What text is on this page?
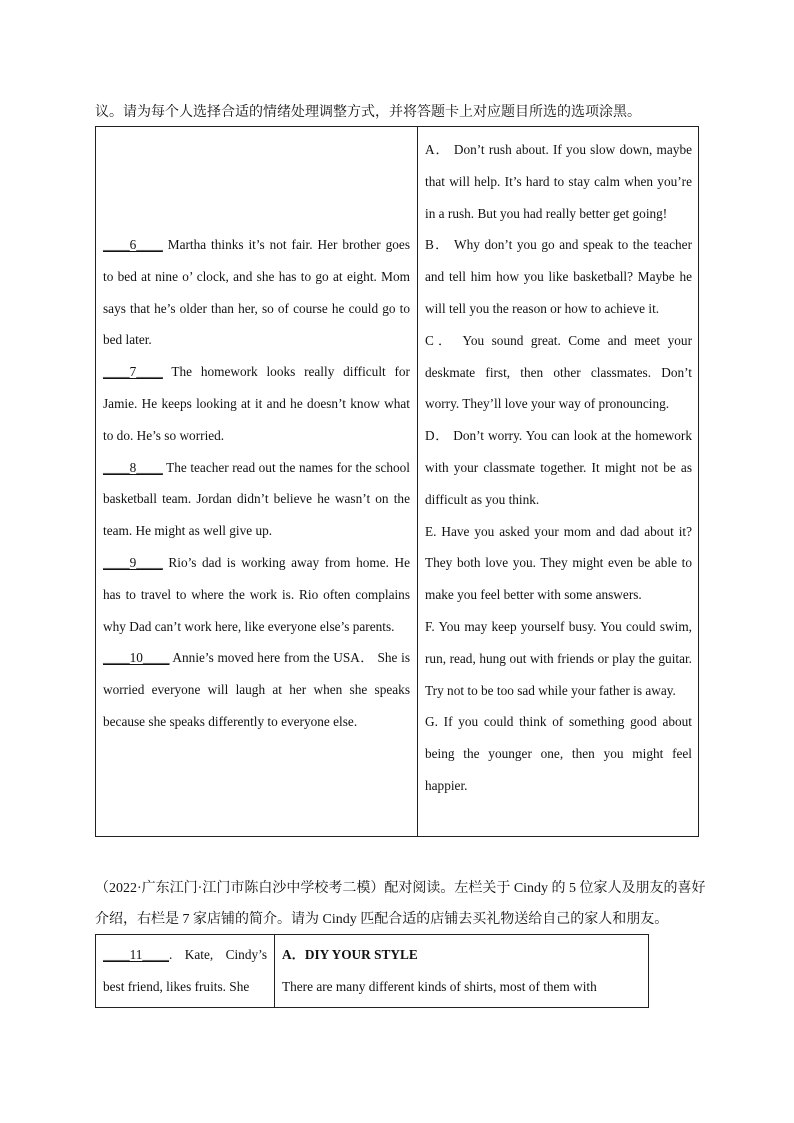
议。请为每个人选择合适的情绪处理调整方式，并将答题卡上对应题目所选的选项涂黑。
____6____ Martha thinks it’s not fair. Her brother goes to bed at nine o’ clock, and she has to go at eight. Mom says that he’s older than her, so of course he could go to bed later.
____7____ The homework looks really difficult for Jamie. He keeps looking at it and he doesn’t know what to do. He’s so worried.
____8____ The teacher read out the names for the school basketball team. Jordan didn’t believe he wasn’t on the team. He might as well give up.
____9____ Rio’s dad is working away from home. He has to travel to where the work is. Rio often complains why Dad can’t work here, like everyone else’s parents.
____10____ Annie’s moved here from the USA． She is worried everyone will laugh at her when she speaks because she speaks differently to everyone else.
A． Don’t rush about. If you slow down, maybe that will help. It’s hard to stay calm when you’re in a rush. But you had really better get going!
B． Why don’t you go and speak to the teacher and tell him how you like basketball? Maybe he will tell you the reason or how to achieve it.
C． You sound great. Come and meet your deskmate first, then other classmates. Don’t worry. They’ll love your way of pronouncing.
D． Don’t worry. You can look at the homework with your classmate together. It might not be as difficult as you think.
E. Have you asked your mom and dad about it? They both love you. They might even be able to make you feel better with some answers.
F. You may keep yourself busy. You could swim, run, read, hung out with friends or play the guitar. Try not to be too sad while your father is away.
G. If you could think of something good about being the younger one, then you might feel happier.
（2022·广东江门·江门市陈白沙中学校考二模）配对阅读。左栏关于 Cindy 的 5 位家人及朋友的喜好
介绍，右栏是 7 家店铺的简介。请为 Cindy 匹配合适的店铺去买礼物送给自己的家人和朋友。
____11____. Kate, Cindy’s best friend, likes fruits. She
A．DIY YOUR STYLE
There are many different kinds of shirts, most of them with
